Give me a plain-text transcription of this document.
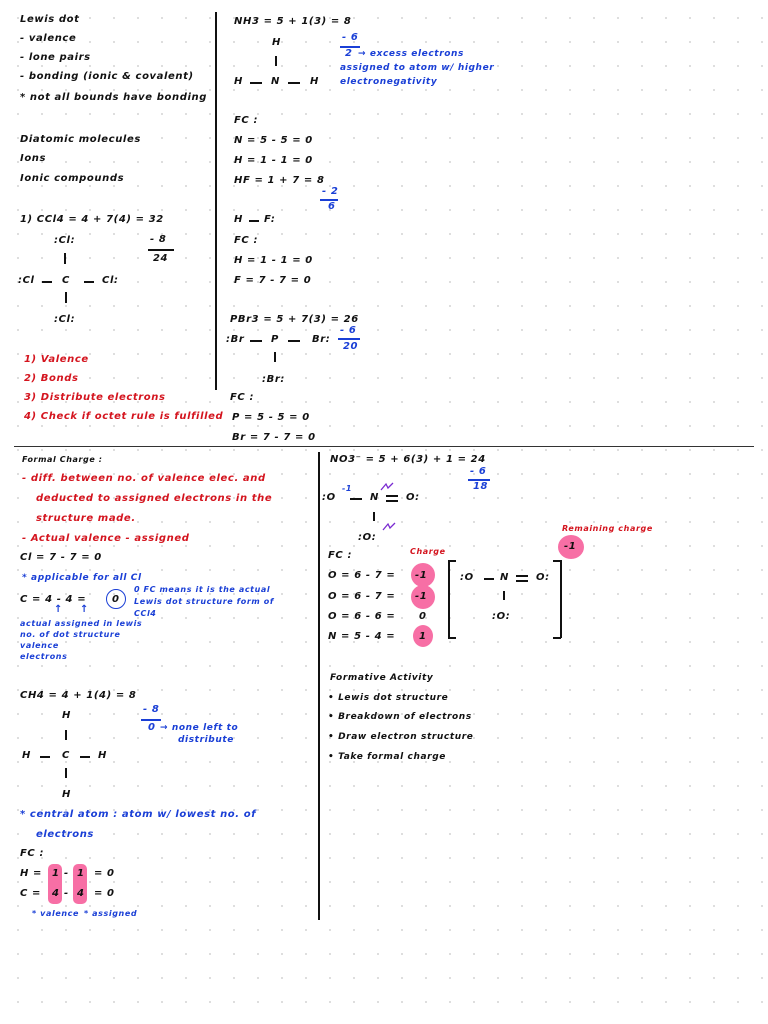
Lewis dot
- valence
- lone pairs
- bonding (ionic & covalent)
* not all bounds have bonding
Diatomic molecules
Ions
Ionic compounds
1) CCl4 = 4 + 7(4) = 32
- 8
24
:Cl:
:Cl	C	Cl:
:Cl:
1) Valence
2) Bonds
3) Distribute electrons
4) Check if octet rule is fulfilled
NH3 = 5 + 1(3) = 8
- 6
2 → excess electrons
assigned to atom w/ higher
electronegativity
H
H	N	H
FC :
N = 5 - 5 = 0
H = 1 - 1 = 0
HF = 1 + 7 = 8
- 2
6
H F:
FC :
H = 1 - 1 = 0
F = 7 - 7 = 0
PBr3 = 5 + 7(3) = 26
- 6
20
:Br	P	Br:
:Br:
FC :
P = 5 - 5 = 0
Br = 7 - 7 = 0
Formal Charge :
- diff. between no. of valence elec. and
deducted to assigned electrons in the
structure made.
- Actual valence - assigned
Cl = 7 - 7 = 0
* applicable for all Cl
C = 4 - 4 =	0
0 FC means it is the actual
Lewis dot structure form of
CCl4
↑ ↑
actual assigned in lewis
no. of dot structure
valence
electrons
CH4 = 4 + 1(4) = 8
- 8
0 → none left to
distribute
H
H	C	H
H
* central atom : atom w/ lowest no. of
electrons
FC :
H = 1 - 1 = 0
C = 4 - 4 = 0
* valence * assigned
NO3⁻ = 5 + 6(3) + 1 = 24
- 6
18
-1
:O	N	O:
:O:
FC :	Charge
O = 6 - 7 = -1
O = 6 - 7 = -1
O = 6 - 6 = 0
N = 5 - 4 = 1
:O	N	O:
:O:
Remaining charge
-1
Formative Activity
• Lewis dot structure
• Breakdown of electrons
• Draw electron structure
• Take formal charge
